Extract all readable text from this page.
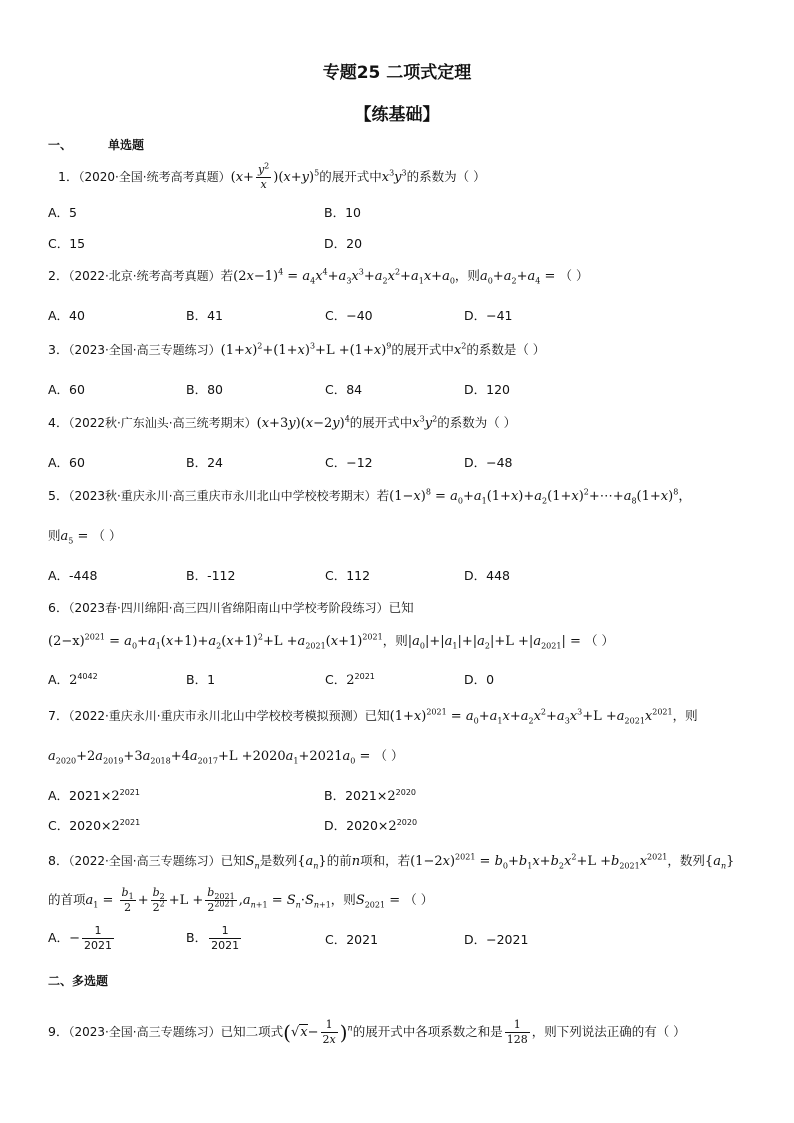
专题25 二项式定理
【练基础】
一、	单选题
1．（2020·全国·统考高考真题）$(x+ \frac{y^2}{x} )(x+y)^5$的展开式中$x^3y^3$的系数为（ ）
A．5	B．10
C．15	D．20
2．（2022·北京·统考高考真题）若$(2x-1)^4 = a_4x^4+a_3x^3+a_2x^2+a_1x+a_0$，则$a_0+a_2+a_4$ = （ ）
A．40	B．41	C．−40	D．−41
3．（2023·全国·高三专题练习）$(1+x)^2+(1+x)^3+L +(1+x)^9$的展开式中$x^2$的系数是（ ）
A．60	B．80	C．84	D．120
4．（2022秋·广东汕头·高三统考期末）$(x+3y)(x-2y)^4$的展开式中$x^3y^2$的系数为（ ）
A．60	B．24	C．−12	D．−48
5．（2023秋·重庆永川·高三重庆市永川北山中学校校考期末）若$(1-x)^8$ = $a_0+a_1(1+x)+a_2(1+x)^2+\cdots+a_8(1+x)^8$，
则$a_5$ = （ ）
A．-448	B．-112	C．112	D．448
6．（2023春·四川绵阳·高三四川省绵阳南山中学校考阶段练习）已知
$(2-x)^{2021} = a_0+a_1(x+1)+a_2(x+1)^2+L +a_{2021}(x+1)^{2021}$，则$|a_0|+|a_1|+|a_2|+L +|a_{2021}|$ = （ ）
A．$2^{4042}$	B．1	C．$2^{2021}$	D．0
7．（2022·重庆永川·重庆市永川北山中学校校考模拟预测）已知$(1+x)^{2021} = a_0+a_1x+a_2x^2+a_3x^3+L +a_{2021}x^{2021}$，则
$a_{2020}+2a_{2019}+3a_{2018}+4a_{2017}+L +2020a_1+2021a_0$ = （ ）
A．$2021\times 2^{2021}$	B．$2021\times 2^{2020}$
C．$2020\times 2^{2021}$	D．$2020\times 2^{2020}$
8．（2022·全国·高三专题练习）已知$S_n$是数列$\{a_n\}$的前n项和，若$(1-2x)^{2021} = b_0+b_1x+b_2x^2+L +b_{2021}x^{2021}$，数列$\{a_n\}$
的首项$a_1 = \frac{b_1}{2} + \frac{b_2}{2^2} +L + \frac{b_{2021}}{2^{2021}} ,a_{n+1} = S_n\cdot S_{n+1}$，则$S_{2021}$ = （ ）
A．− $\frac{1}{2021}$	B． $\frac{1}{2021}$	C．2021	D．−2021
二、多选题
9．（2023·全国·高三专题练习）已知二项式$(√x- \frac{1}{2x} )^n$的展开式中各项系数之和是 $\frac{1}{128}$ ，则下列说法正确的有（ ）
